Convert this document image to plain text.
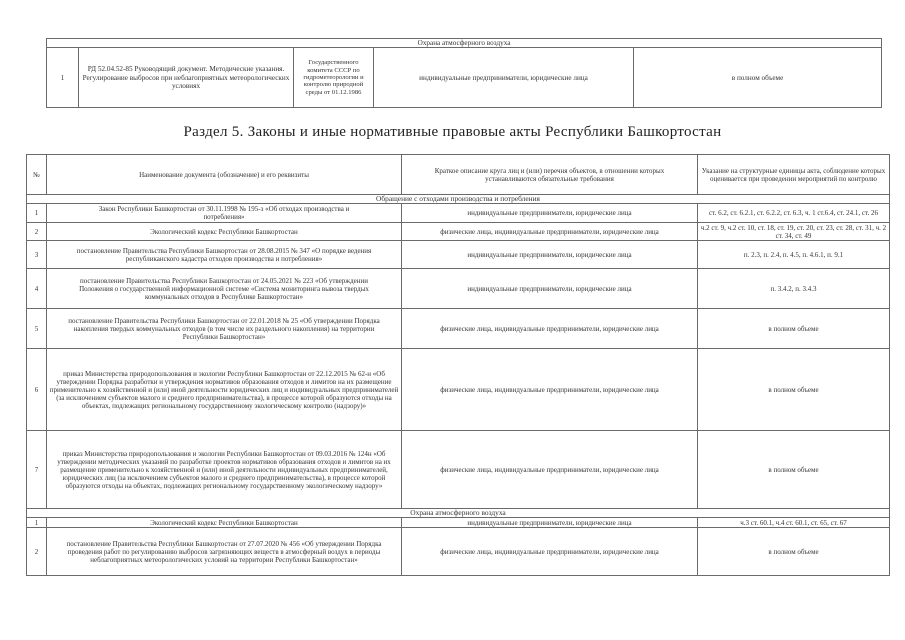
Охрана атмосферного воздуха
1	РД 52.04.52-85 Руководящий документ. Методические указания. Регулирование выбросов при неблагоприятных метеорологических условиях	Государственного комитета СССР по гидрометеорологии и контролю природной среды от 01.12.1986	индивидуальные предприниматели, юридические лица	в полном объеме
Раздел 5. Законы и иные нормативные правовые акты Республики Башкортостан
№	Наименование документа (обозначение) и его реквизиты	Краткое описание круга лиц и (или) перечня объектов, в отношении которых устанавливаются обязательные требования	Указание на структурные единицы акта, соблюдение которых оценивается при проведении мероприятий по контролю
Обращение с отходами производства и потребления			
1	Закон Республики Башкортостан от 30.11.1998 № 195-з «Об отходах производства и потребления»	индивидуальные предприниматели, юридические лица	ст. 6.2, ст. 6.2.1, ст. 6.2.2, ст. 6.3, ч. 1 ст.6.4, ст. 24.1, ст. 26
2	Экологический кодекс Республики Башкортостан	физические лица, индивидуальные предприниматели, юридические лица	ч.2 ст. 9, ч.2 ст. 10, ст. 18, ст. 19, ст. 20, ст. 23, ст. 28, ст. 31, ч. 2 ст. 34, ст. 49
3	постановление Правительства Республики Башкортостан от 28.08.2015 № 347 «О порядке ведения республиканского кадастра отходов производства и потребления»	индивидуальные предприниматели, юридические лица	п. 2.3, п. 2.4, п. 4.5, п. 4.6.1, п. 9.1
4	постановление Правительства Республики Башкортостан от 24.05.2021 № 223 «Об утверждении Положения о государственной информационной системе «Система мониторинга вывоза твердых коммунальных отходов в Республике Башкортостан»	индивидуальные предприниматели, юридические лица	п. 3.4.2, п. 3.4.3
5	постановление Правительства Республики Башкортостан от 22.01.2018 № 25 «Об утверждении Порядка накопления твердых коммунальных отходов (в том числе их раздельного накопления) на территории Республики Башкортостан»	физические лица, индивидуальные предприниматели, юридические лица	в полном объеме
6	приказ Министерства природопользования и экологии Республики Башкортостан от 22.12.2015 № 62-н «Об утверждении Порядка разработки и утверждения нормативов образования отходов и лимитов на их размещение применительно к хозяйственной и (или) иной деятельности юридических лиц и индивидуальных предпринимателей (за исключением субъектов малого и среднего предпринимательства), в процессе которой образуются отходы на объектах, подлежащих региональному государственному экологическому контролю (надзору)»	физические лица, индивидуальные предприниматели, юридические лица	в полном объеме
7	приказ Министерства природопользования и экологии Республики Башкортостан от 09.03.2016 № 124н «Об утверждении методических указаний по разработке проектов нормативов образования отходов и лимитов на их размещение применительно к хозяйственной и (или) иной деятельности индивидуальных предпринимателей, юридических лиц (за исключением субъектов малого и среднего предпринимательства), в процессе которой образуются отходы на объектах, подлежащих региональному государственному экологическому надзору»	физические лица, индивидуальные предприниматели, юридические лица	в полном объеме
Охрана атмосферного воздуха			
1	Экологический кодекс Республики Башкортостан	индивидуальные предприниматели, юридические лица	ч.3 ст. 60.1, ч.4 ст. 60.1, ст. 65, ст. 67
2	постановление Правительства Республики Башкортостан от 27.07.2020 № 456 «Об утверждении Порядка проведения работ по регулированию выбросов загрязняющих веществ в атмосферный воздух в периоды неблагоприятных метеорологических условий на территории Республики Башкортостан»	физические лица, индивидуальные предприниматели, юридические лица	в полном объеме
